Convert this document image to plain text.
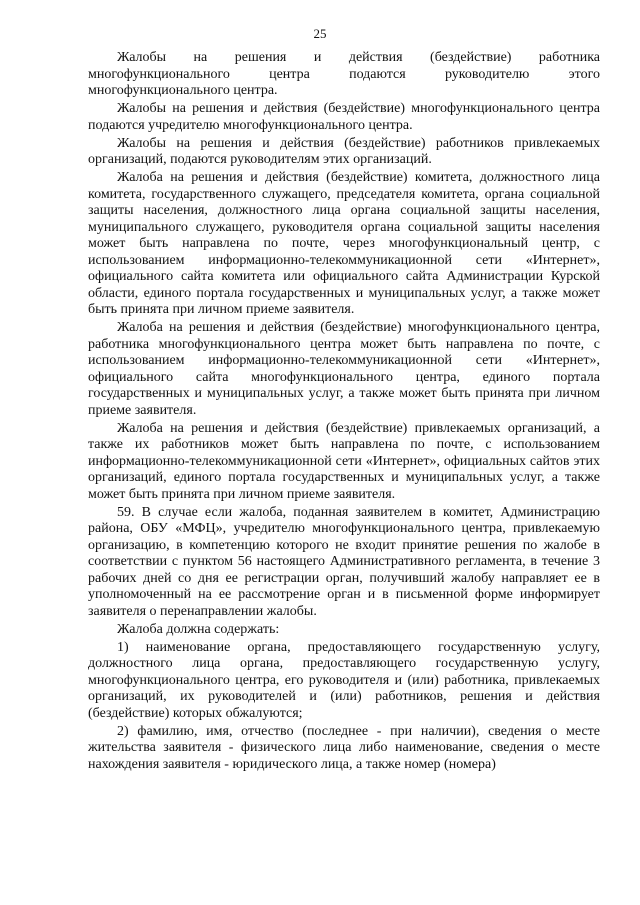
25

Жалобы на решения и действия (бездействие) работника многофункционального центра подаются руководителю этого многофункционального центра.

Жалобы на решения и действия (бездействие) многофункционального центра подаются учредителю многофункционального центра.

Жалобы на решения и действия (бездействие) работников привлекаемых организаций, подаются руководителям этих организаций.

Жалоба на решения и действия (бездействие) комитета, должностного лица комитета, государственного служащего, председателя комитета, органа социальной защиты населения, должностного лица органа социальной защиты населения, муниципального служащего, руководителя органа социальной защиты населения может быть направлена по почте, через многофункциональный центр, с использованием информационно-телекоммуникационной сети «Интернет», официального сайта комитета или официального сайта Администрации Курской области, единого портала государственных и муниципальных услуг, а также может быть принята при личном приеме заявителя.

Жалоба на решения и действия (бездействие) многофункционального центра, работника многофункционального центра может быть направлена по почте, с использованием информационно-телекоммуникационной сети «Интернет», официального сайта многофункционального центра, единого портала государственных и муниципальных услуг, а также может быть принята при личном приеме заявителя.

Жалоба на решения и действия (бездействие) привлекаемых организаций, а также их работников может быть направлена по почте, с использованием информационно-телекоммуникационной сети «Интернет», официальных сайтов этих организаций, единого портала государственных и муниципальных услуг, а также может быть принята при личном приеме заявителя.

59. В случае если жалоба, поданная заявителем в комитет, Администрацию района, ОБУ «МФЦ», учредителю многофункционального центра, привлекаемую организацию, в компетенцию которого не входит принятие решения по жалобе в соответствии с пунктом 56 настоящего Административного регламента, в течение 3 рабочих дней со дня ее регистрации орган, получивший жалобу направляет ее в уполномоченный на ее рассмотрение орган и в письменной форме информирует заявителя о перенаправлении жалобы.

Жалоба должна содержать:

1) наименование органа, предоставляющего государственную услугу, должностного лица органа, предоставляющего государственную услугу, многофункционального центра, его руководителя и (или) работника, привлекаемых организаций, их руководителей и (или) работников, решения и действия (бездействие) которых обжалуются;

2) фамилию, имя, отчество (последнее - при наличии), сведения о месте жительства заявителя - физического лица либо наименование, сведения о месте нахождения заявителя - юридического лица, а также номер (номера)
